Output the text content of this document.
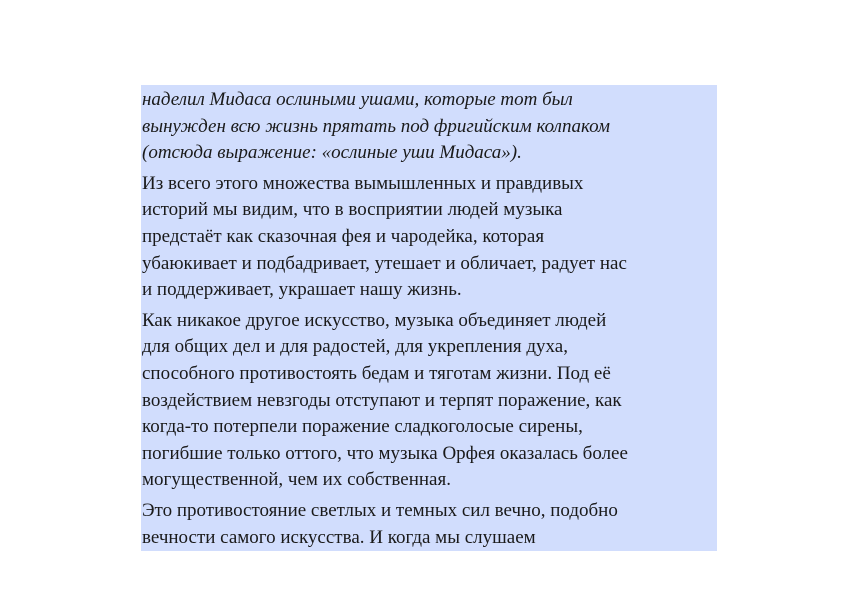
наделил Мидаса ослиными ушами, которые тот был
вынужден всю жизнь прятать под фригийским колпаком
(отсюда выражение: «ослиные уши Мидаса»).

Из всего этого множества вымышленных и правдивых
историй мы видим, что в восприятии людей музыка
предстаёт как сказочная фея и чародейка, которая
убаюкивает и подбадривает, утешает и обличает, радует нас
и поддерживает, украшает нашу жизнь.

Как никакое другое искусство, музыка объединяет людей
для общих дел и для радостей, для укрепления духа,
способного противостоять бедам и тяготам жизни. Под её
воздействием невзгоды отступают и терпят поражение, как
когда-то потерпели поражение сладкоголосые сирены,
погибшие только оттого, что музыка Орфея оказалась более
могущественной, чем их собственная.

Это противостояние светлых и темных сил вечно, подобно
вечности самого искусства. И когда мы слушаем
